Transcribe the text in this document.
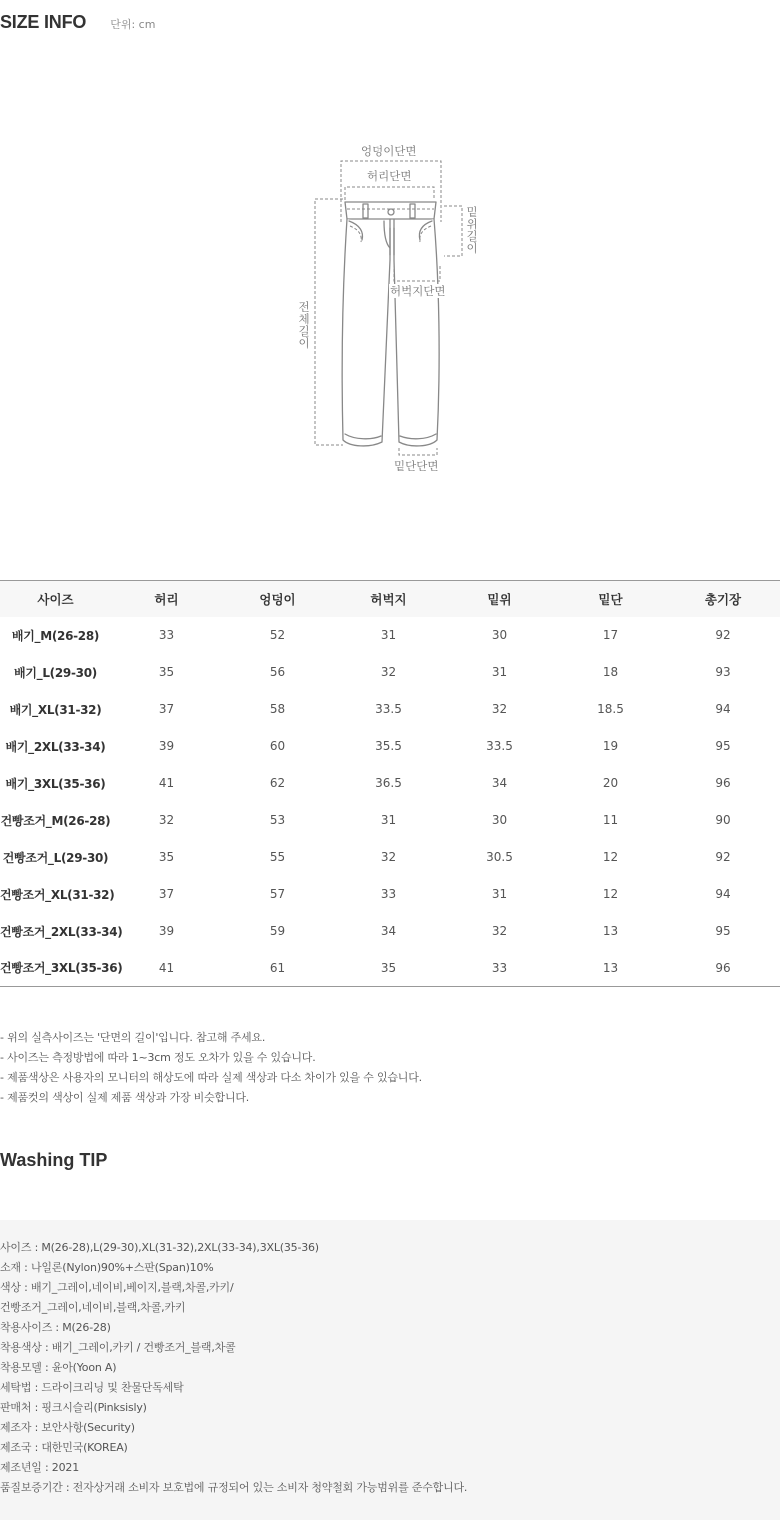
SIZE INFO 단위: cm
엉덩이단면
허리단면
밑위길이
허벅지단면
전체길이
밑단단면
사이즈	허리	엉덩이	허벅지	밑위	밑단	총기장
배기_M(26-28)	33	52	31	30	17	92
배기_L(29-30)	35	56	32	31	18	93
배기_XL(31-32)	37	58	33.5	32	18.5	94
배기_2XL(33-34)	39	60	35.5	33.5	19	95
배기_3XL(35-36)	41	62	36.5	34	20	96
건빵조거_M(26-28)	32	53	31	30	11	90
건빵조거_L(29-30)	35	55	32	30.5	12	92
건빵조거_XL(31-32)	37	57	33	31	12	94
건빵조거_2XL(33-34)	39	59	34	32	13	95
건빵조거_3XL(35-36)	41	61	35	33	13	96
- 위의 실측사이즈는 '단면의 길이'입니다. 참고해 주세요.
- 사이즈는 측정방법에 따라 1~3cm 정도 오차가 있을 수 있습니다.
- 제품색상은 사용자의 모니터의 해상도에 따라 실제 색상과 다소 차이가 있을 수 있습니다.
- 제품컷의 색상이 실제 제품 색상과 가장 비슷합니다.
Washing TIP
사이즈 : M(26-28),L(29-30),XL(31-32),2XL(33-34),3XL(35-36)
소재 : 나일론(Nylon)90%+스판(Span)10%
색상 : 배기_그레이,네이비,베이지,블랙,차콜,카키/
건빵조거_그레이,네이비,블랙,차콜,카키
착용사이즈 : M(26-28)
착용색상 : 배기_그레이,카키 / 건빵조거_블랙,차콜
착용모델 : 윤아(Yoon A)
세탁법 : 드라이크리닝 및 찬물단독세탁
판매처 : 핑크시슬리(Pinksisly)
제조자 : 보안사항(Security)
제조국 : 대한민국(KOREA)
제조년일 : 2021
품질보증기간 : 전자상거래 소비자 보호법에 규정되어 있는 소비자 청약철회 가능범위를 준수합니다.
